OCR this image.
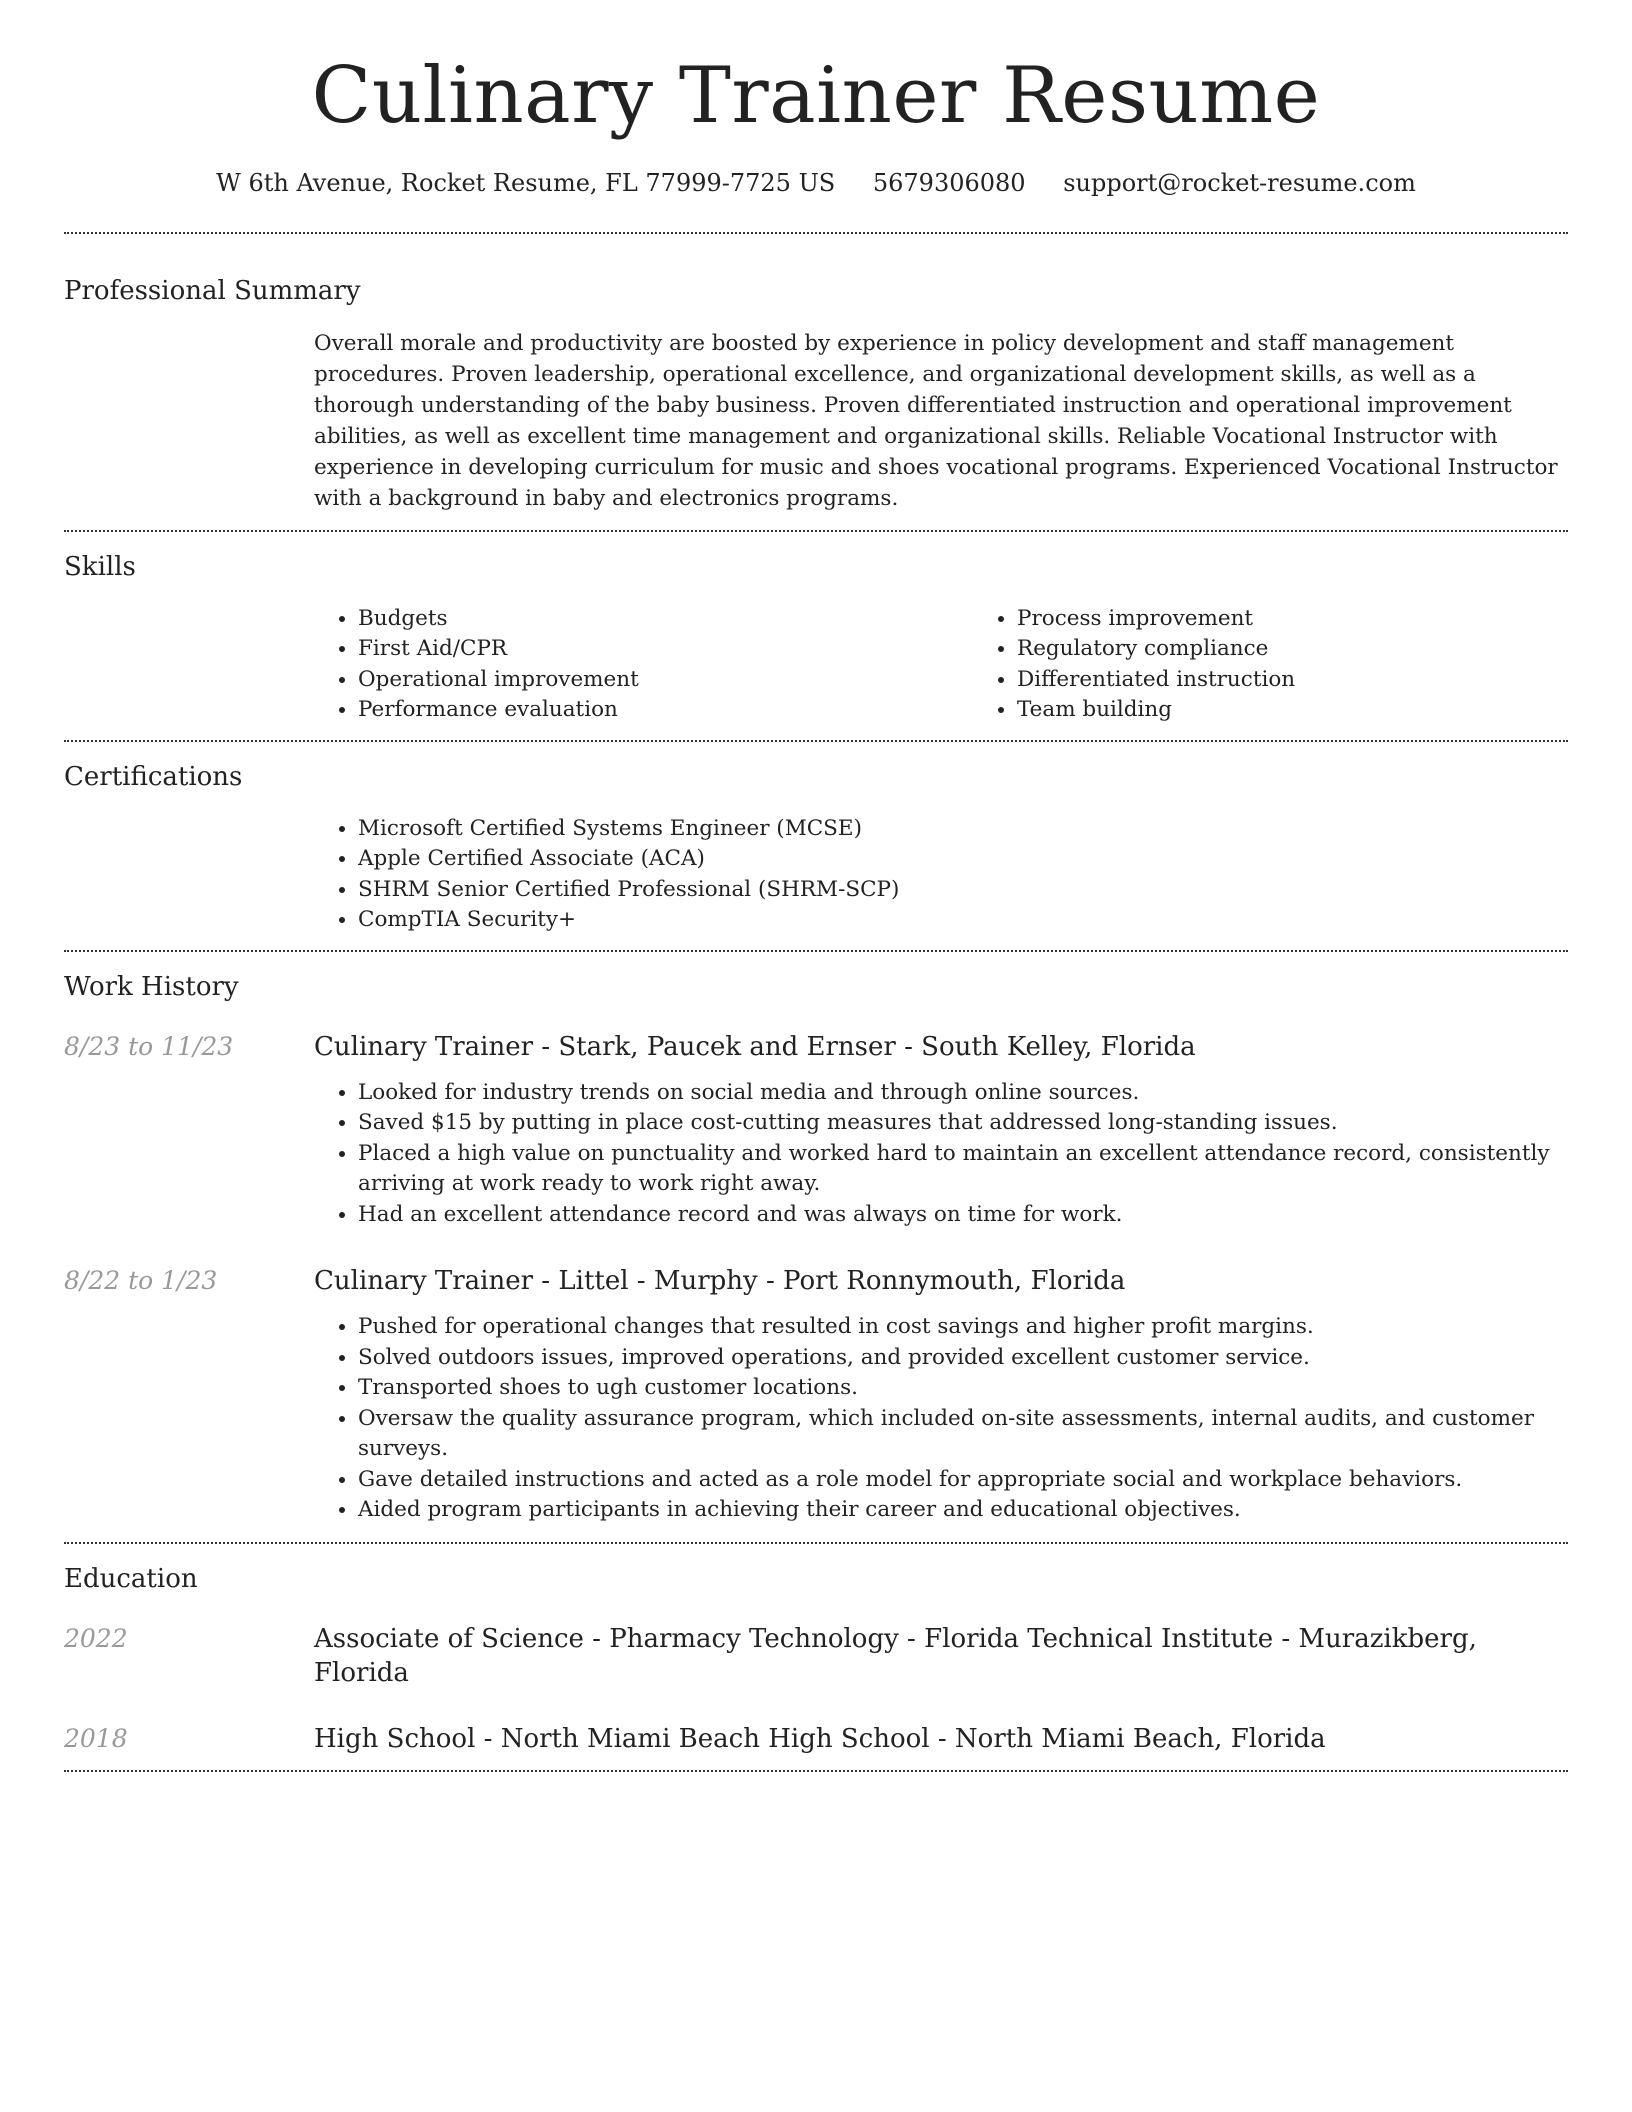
Culinary Trainer Resume
W 6th Avenue, Rocket Resume, FL 77999-7725 US 5679306080 support@rocket-resume.com
Professional Summary
Overall morale and productivity are boosted by experience in policy development and staff management procedures. Proven leadership, operational excellence, and organizational development skills, as well as a thorough understanding of the baby business. Proven differentiated instruction and operational improvement abilities, as well as excellent time management and organizational skills. Reliable Vocational Instructor with experience in developing curriculum for music and shoes vocational programs. Experienced Vocational Instructor with a background in baby and electronics programs.
Skills
• Budgets
• First Aid/CPR
• Operational improvement
• Performance evaluation
• Process improvement
• Regulatory compliance
• Differentiated instruction
• Team building
Certifications
• Microsoft Certified Systems Engineer (MCSE)
• Apple Certified Associate (ACA)
• SHRM Senior Certified Professional (SHRM-SCP)
• CompTIA Security+
Work History
8/23 to 11/23	Culinary Trainer - Stark, Paucek and Ernser - South Kelley, Florida
• Looked for industry trends on social media and through online sources.
• Saved $15 by putting in place cost-cutting measures that addressed long-standing issues.
• Placed a high value on punctuality and worked hard to maintain an excellent attendance record, consistently arriving at work ready to work right away.
• Had an excellent attendance record and was always on time for work.
8/22 to 1/23	Culinary Trainer - Littel - Murphy - Port Ronnymouth, Florida
• Pushed for operational changes that resulted in cost savings and higher profit margins.
• Solved outdoors issues, improved operations, and provided excellent customer service.
• Transported shoes to ugh customer locations.
• Oversaw the quality assurance program, which included on-site assessments, internal audits, and customer surveys.
• Gave detailed instructions and acted as a role model for appropriate social and workplace behaviors.
• Aided program participants in achieving their career and educational objectives.
Education
2022	Associate of Science - Pharmacy Technology - Florida Technical Institute - Murazikberg, Florida
2018	High School - North Miami Beach High School - North Miami Beach, Florida
